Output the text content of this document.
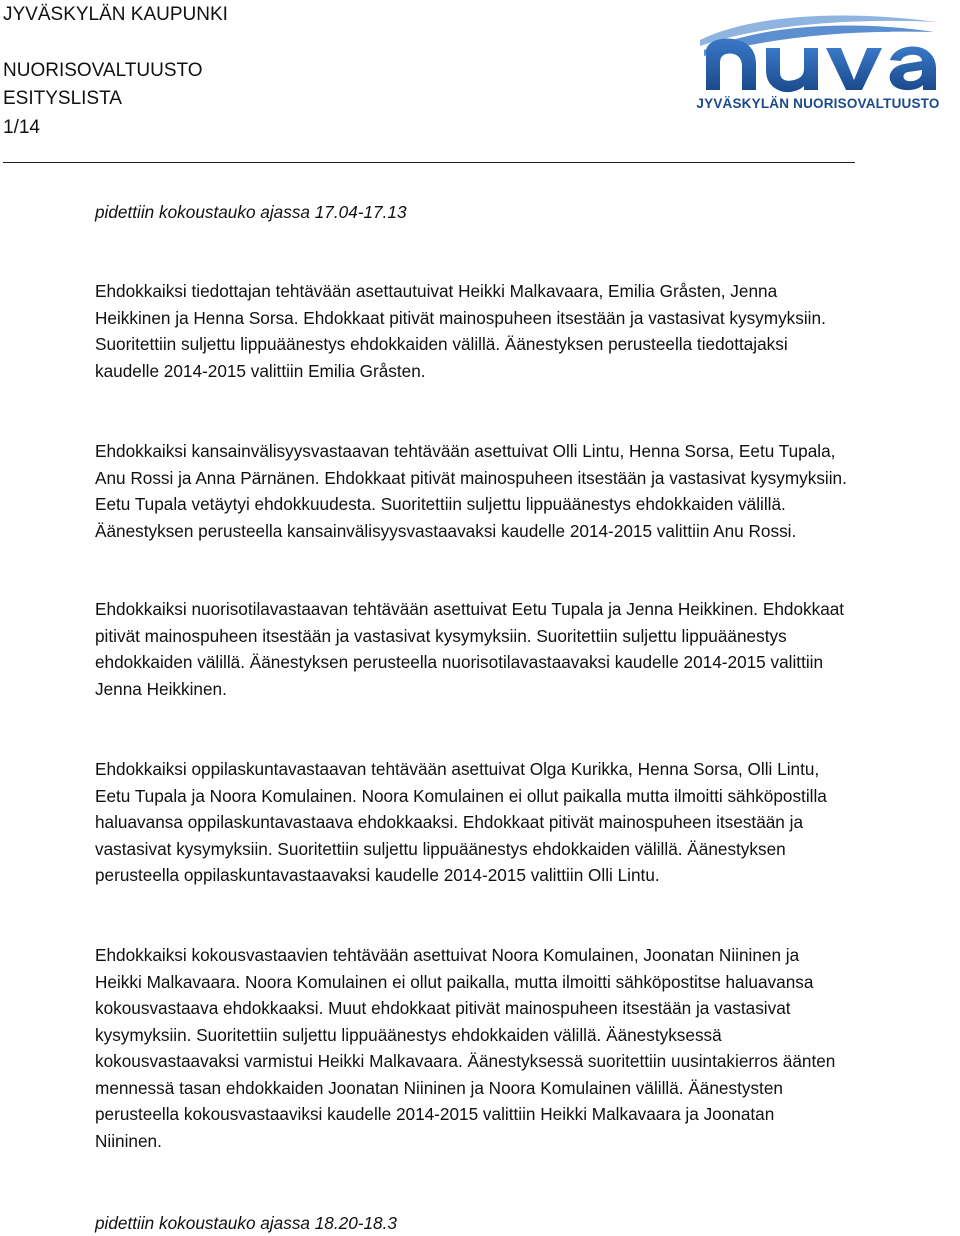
JYVÄSKYLÄN KAUPUNKI

NUORISOVALTUUSTO

ESITYSLISTA

1/14

JYVÄSKYLÄN NUORISOVALTUUSTO
pidettiin kokoustauko ajassa 17.04-17.13
Ehdokkaiksi tiedottajan tehtävään asettautuivat Heikki Malkavaara, Emilia Gråsten, Jenna
Heikkinen ja Henna Sorsa. Ehdokkaat pitivät mainospuheen itsestään ja vastasivat kysymyksiin.
Suoritettiin suljettu lippuäänestys ehdokkaiden välillä. Äänestyksen perusteella tiedottajaksi
kaudelle 2014-2015 valittiin Emilia Gråsten.
Ehdokkaiksi kansainvälisyysvastaavan tehtävään asettuivat Olli Lintu, Henna Sorsa, Eetu Tupala,
Anu Rossi ja Anna Pärnänen. Ehdokkaat pitivät mainospuheen itsestään ja vastasivat kysymyksiin.
Eetu Tupala vetäytyi ehdokkuudesta. Suoritettiin suljettu lippuäänestys ehdokkaiden välillä.
Äänestyksen perusteella kansainvälisyysvastaavaksi kaudelle 2014-2015 valittiin Anu Rossi.
Ehdokkaiksi nuorisotilavastaavan tehtävään asettuivat Eetu Tupala ja Jenna Heikkinen. Ehdokkaat
pitivät mainospuheen itsestään ja vastasivat kysymyksiin. Suoritettiin suljettu lippuäänestys
ehdokkaiden välillä. Äänestyksen perusteella nuorisotilavastaavaksi kaudelle 2014-2015 valittiin
Jenna Heikkinen.
Ehdokkaiksi oppilaskuntavastaavan tehtävään asettuivat Olga Kurikka, Henna Sorsa, Olli Lintu,
Eetu Tupala ja Noora Komulainen. Noora Komulainen ei ollut paikalla mutta ilmoitti sähköpostilla
haluavansa oppilaskuntavastaava ehdokkaaksi. Ehdokkaat pitivät mainospuheen itsestään ja
vastasivat kysymyksiin. Suoritettiin suljettu lippuäänestys ehdokkaiden välillä. Äänestyksen
perusteella oppilaskuntavastaavaksi kaudelle 2014-2015 valittiin Olli Lintu.
Ehdokkaiksi kokousvastaavien tehtävään asettuivat Noora Komulainen, Joonatan Niininen ja
Heikki Malkavaara. Noora Komulainen ei ollut paikalla, mutta ilmoitti sähköpostitse haluavansa
kokousvastaava ehdokkaaksi. Muut ehdokkaat pitivät mainospuheen itsestään ja vastasivat
kysymyksiin. Suoritettiin suljettu lippuäänestys ehdokkaiden välillä. Äänestyksessä
kokousvastaavaksi varmistui Heikki Malkavaara. Äänestyksessä suoritettiin uusintakierros äänten
mennessä tasan ehdokkaiden Joonatan Niininen ja Noora Komulainen välillä. Äänestysten
perusteella kokousvastaaviksi kaudelle 2014-2015 valittiin Heikki Malkavaara ja Joonatan
Niininen.
pidettiin kokoustauko ajassa 18.20-18.3
